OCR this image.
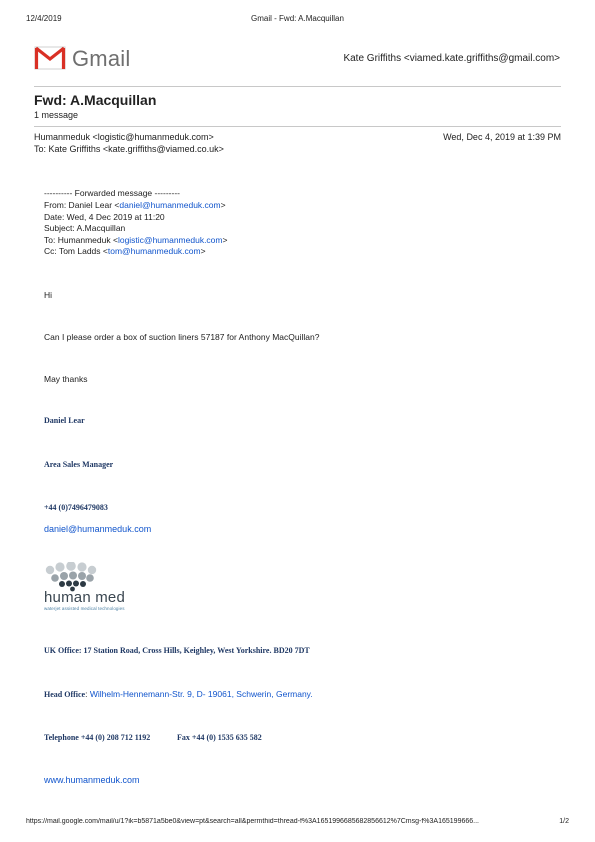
12/4/2019	Gmail - Fwd: A.Macquillan
Gmail	Kate Griffiths <viamed.kate.griffiths@gmail.com>
Fwd: A.Macquillan
1 message
Humanmeduk <logistic@humanmeduk.com>	Wed, Dec 4, 2019 at 1:39 PM
To: Kate Griffiths <kate.griffiths@viamed.co.uk>
---------- Forwarded message ---------
From: Daniel Lear <daniel@humanmeduk.com>
Date: Wed, 4 Dec 2019 at 11:20
Subject: A.Macquillan
To: Humanmeduk <logistic@humanmeduk.com>
Cc: Tom Ladds <tom@humanmeduk.com>
Hi
Can I please order a box of suction liners 57187 for Anthony MacQuillan?
May thanks
Daniel Lear
Area Sales Manager
+44 (0)7496479083
daniel@humanmeduk.com
human med
waterjet assisted medical technologies
UK Office: 17 Station Road, Cross Hills, Keighley, West Yorkshire. BD20 7DT
Head Office: Wilhelm-Hennemann-Str. 9, D- 19061, Schwerin, Germany.
Telephone +44 (0) 208 712 1192	Fax +44 (0) 1535 635 582
www.humanmeduk.com
https://mail.google.com/mail/u/1?ik=b5871a5be0&view=pt&search=all&permthid=thread-f%3A1651996685682856612%7Cmsg-f%3A165199666...	1/2
